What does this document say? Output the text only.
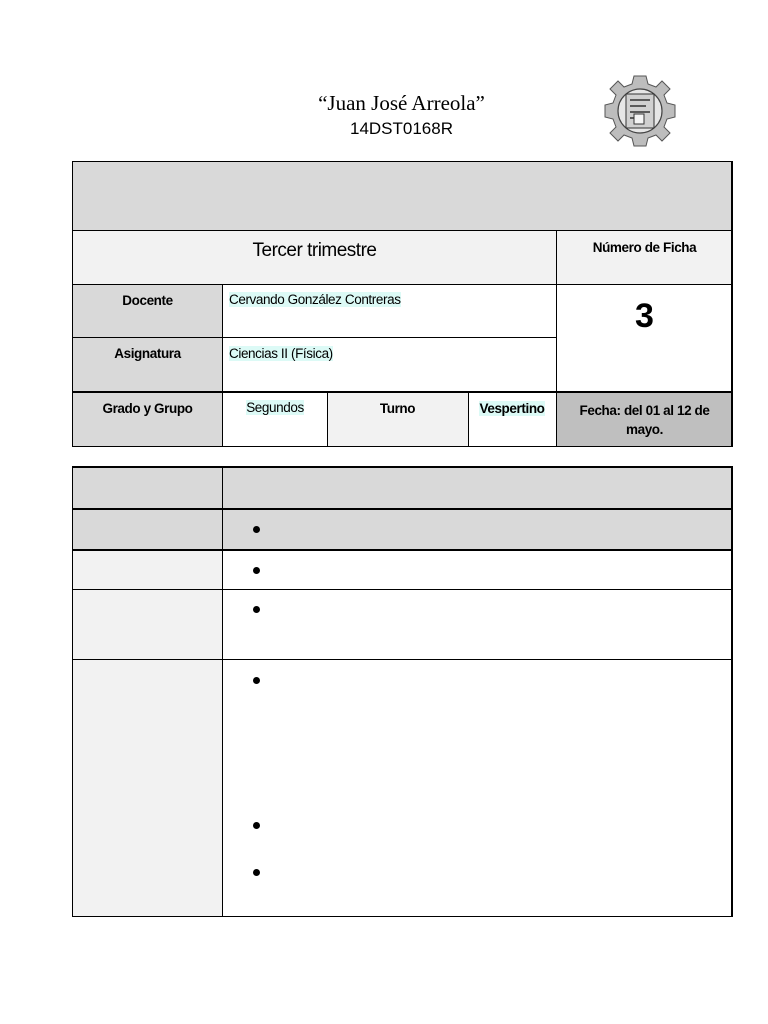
“Juan José Arreola”
14DST0168R
Tercer trimestre	Número de Ficha
3
Docente	Cervando González Contreras
Asignatura	Ciencias II (Física)
Grado y Grupo	Segundos	Turno	Vespertino	Fecha: del 01 al 12 de mayo.
